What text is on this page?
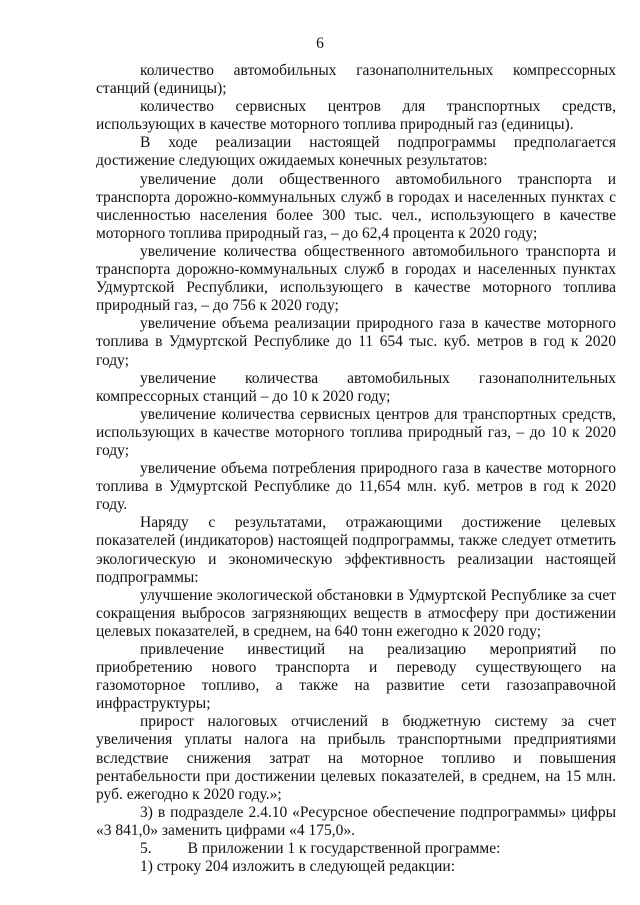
6

количество автомобильных газонаполнительных компрессорных станций (единицы);

количество сервисных центров для транспортных средств, использующих в качестве моторного топлива природный газ (единицы).

В ходе реализации настоящей подпрограммы предполагается достижение следующих ожидаемых конечных результатов:

увеличение доли общественного автомобильного транспорта и транспорта дорожно-коммунальных служб в городах и населенных пунктах с численностью населения более 300 тыс. чел., использующего в качестве моторного топлива природный газ, – до 62,4 процента к 2020 году;

увеличение количества общественного автомобильного транспорта и транспорта дорожно-коммунальных служб в городах и населенных пунктах Удмуртской Республики, использующего в качестве моторного топлива природный газ, – до 756 к 2020 году;

увеличение объема реализации природного газа в качестве моторного топлива в Удмуртской Республике до 11 654 тыс. куб. метров в год к 2020 году;

увеличение количества автомобильных газонаполнительных компрессорных станций – до 10 к 2020 году;

увеличение количества сервисных центров для транспортных средств, использующих в качестве моторного топлива природный газ, – до 10 к 2020 году;

увеличение объема потребления природного газа в качестве моторного топлива в Удмуртской Республике до 11,654 млн. куб. метров в год к 2020 году.

Наряду с результатами, отражающими достижение целевых показателей (индикаторов) настоящей подпрограммы, также следует отметить экологическую и экономическую эффективность реализации настоящей подпрограммы:

улучшение экологической обстановки в Удмуртской Республике за счет сокращения выбросов загрязняющих веществ в атмосферу при достижении целевых показателей, в среднем, на 640 тонн ежегодно к 2020 году;

привлечение инвестиций на реализацию мероприятий по приобретению нового транспорта и переводу существующего на газомоторное топливо, а также на развитие сети газозаправочной инфраструктуры;

прирост налоговых отчислений в бюджетную систему за счет увеличения уплаты налога на прибыль транспортными предприятиями вследствие снижения затрат на моторное топливо и повышения рентабельности при достижении целевых показателей, в среднем, на 15 млн. руб. ежегодно к 2020 году.»;

3) в подразделе 2.4.10 «Ресурсное обеспечение подпрограммы» цифры «3 841,0» заменить цифрами «4 175,0».

5. В приложении 1 к государственной программе:

1) строку 204 изложить в следующей редакции:
